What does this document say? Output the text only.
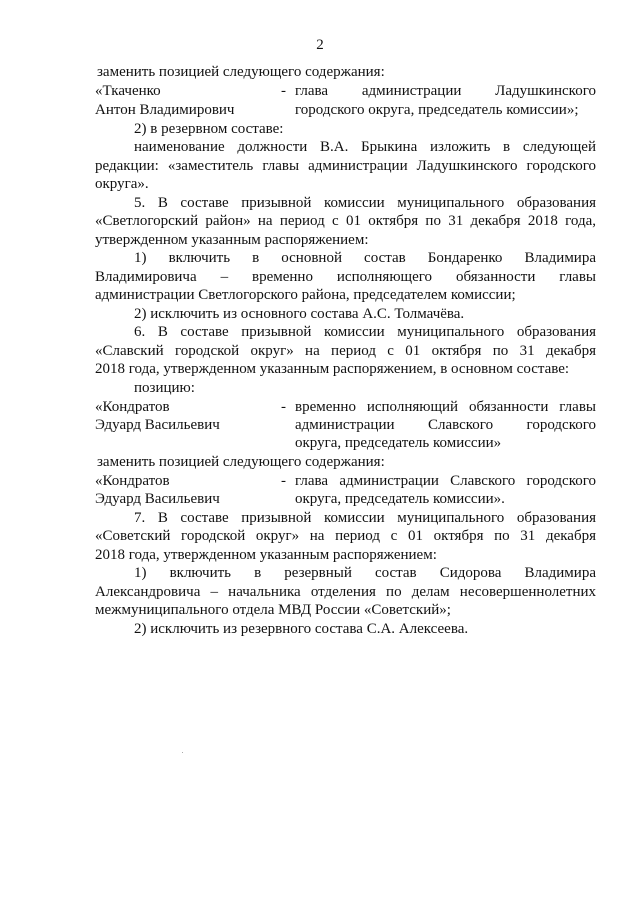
2
заменить позицией следующего содержания:
«Ткаченко	- глава администрации Ладушкинского
Антон Владимирович	городского округа, председатель комиссии»;
2) в резервном составе:
наименование должности В.А. Брыкина изложить в следующей
редакции: «заместитель главы администрации Ладушкинского городского
округа».
5. В составе призывной комиссии муниципального образования
«Светлогорский район» на период с 01 октября по 31 декабря 2018 года,
утвержденном указанным распоряжением:
1) включить в основной состав Бондаренко Владимира
Владимировича – временно исполняющего обязанности главы
администрации Светлогорского района, председателем комиссии;
2) исключить из основного состава А.С. Толмачёва.
6. В составе призывной комиссии муниципального образования
«Славский городской округ» на период с 01 октября по 31 декабря
2018 года, утвержденном указанным распоряжением, в основном составе:
позицию:
«Кондратов	- временно исполняющий обязанности главы
Эдуард Васильевич	администрации Славского городского
округа, председатель комиссии»
заменить позицией следующего содержания:
«Кондратов	- глава администрации Славского городского
Эдуард Васильевич	округа, председатель комиссии».
7. В составе призывной комиссии муниципального образования
«Советский городской округ» на период с 01 октября по 31 декабря
2018 года, утвержденном указанным распоряжением:
1) включить в резервный состав Сидорова Владимира
Александровича – начальника отделения по делам несовершеннолетних
межмуниципального отдела МВД России «Советский»;
2) исключить из резервного состава С.А. Алексеева.
